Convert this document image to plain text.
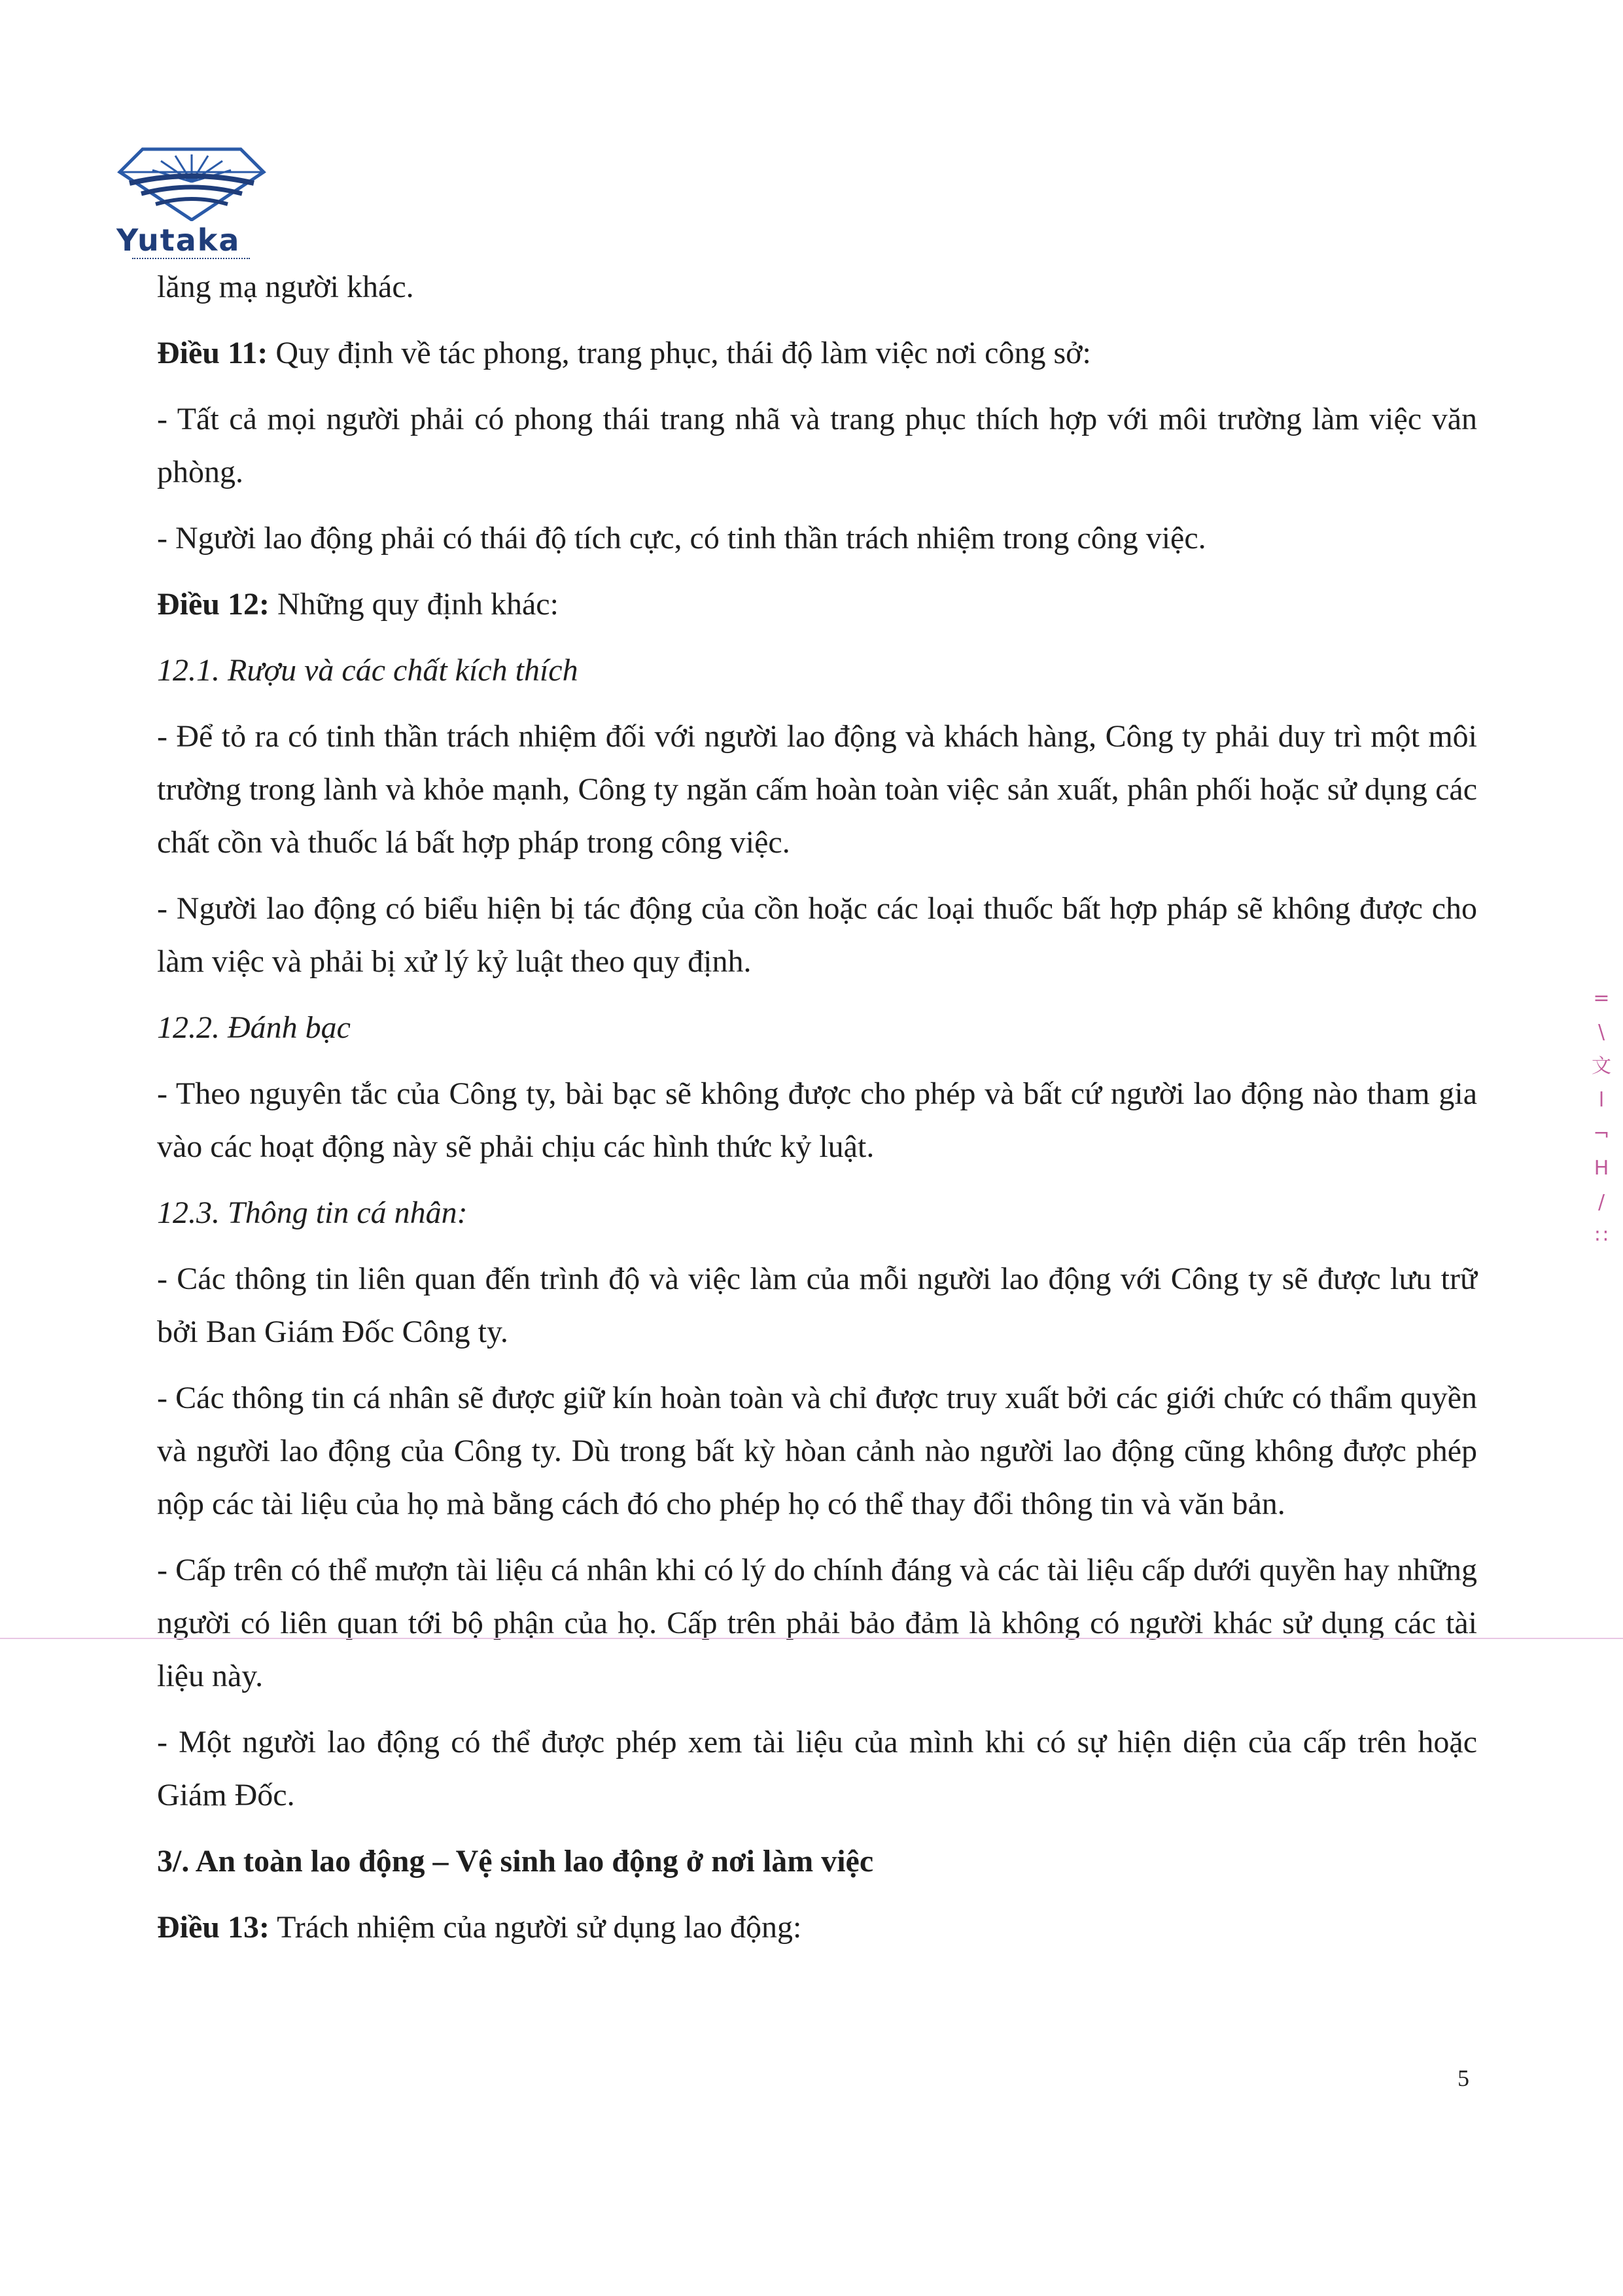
Yutaka
lăng mạ người khác.
Điều 11: Quy định về tác phong, trang phục, thái độ làm việc nơi công sở:
- Tất cả mọi người phải có phong thái trang nhã và trang phục thích hợp với môi trường làm việc văn phòng.
- Người lao động phải có thái độ tích cực, có tinh thần trách nhiệm trong công việc.
Điều 12: Những quy định khác:
12.1. Rượu và các chất kích thích
- Để tỏ ra có tinh thần trách nhiệm đối với người lao động và khách hàng, Công ty phải duy trì một môi trường trong lành và khỏe mạnh, Công ty ngăn cấm hoàn toàn việc sản xuất, phân phối hoặc sử dụng các chất cồn và thuốc lá bất hợp pháp trong công việc.
- Người lao động có biểu hiện bị tác động của cồn hoặc các loại thuốc bất hợp pháp sẽ không được cho làm việc và phải bị xử lý kỷ luật theo quy định.
12.2. Đánh bạc
- Theo nguyên tắc của Công ty, bài bạc sẽ không được cho phép và bất cứ người lao động nào tham gia vào các hoạt động này sẽ phải chịu các hình thức kỷ luật.
12.3. Thông tin cá nhân:
- Các thông tin liên quan đến trình độ và việc làm của mỗi người lao động với Công ty sẽ được lưu trữ bởi Ban Giám Đốc Công ty.
- Các thông tin cá nhân sẽ được giữ kín hoàn toàn và chỉ được truy xuất bởi các giới chức có thẩm quyền và người lao động của Công ty. Dù trong bất kỳ hòan cảnh nào người lao động cũng không được phép nộp các tài liệu của họ mà bằng cách đó cho phép họ có thể thay đổi thông tin và văn bản.
- Cấp trên có thể mượn tài liệu cá nhân khi có lý do chính đáng và các tài liệu cấp dưới quyền hay những người có liên quan tới bộ phận của họ. Cấp trên phải bảo đảm là không có người khác sử dụng các tài liệu này.
- Một người lao động có thể được phép xem tài liệu của mình khi có sự hiện diện của cấp trên hoặc Giám Đốc.
3/. An toàn lao động – Vệ sinh lao động ở nơi làm việc
Điều 13: Trách nhiệm của người sử dụng lao động:
=
\
文
l
¬
H
/
∷
5
